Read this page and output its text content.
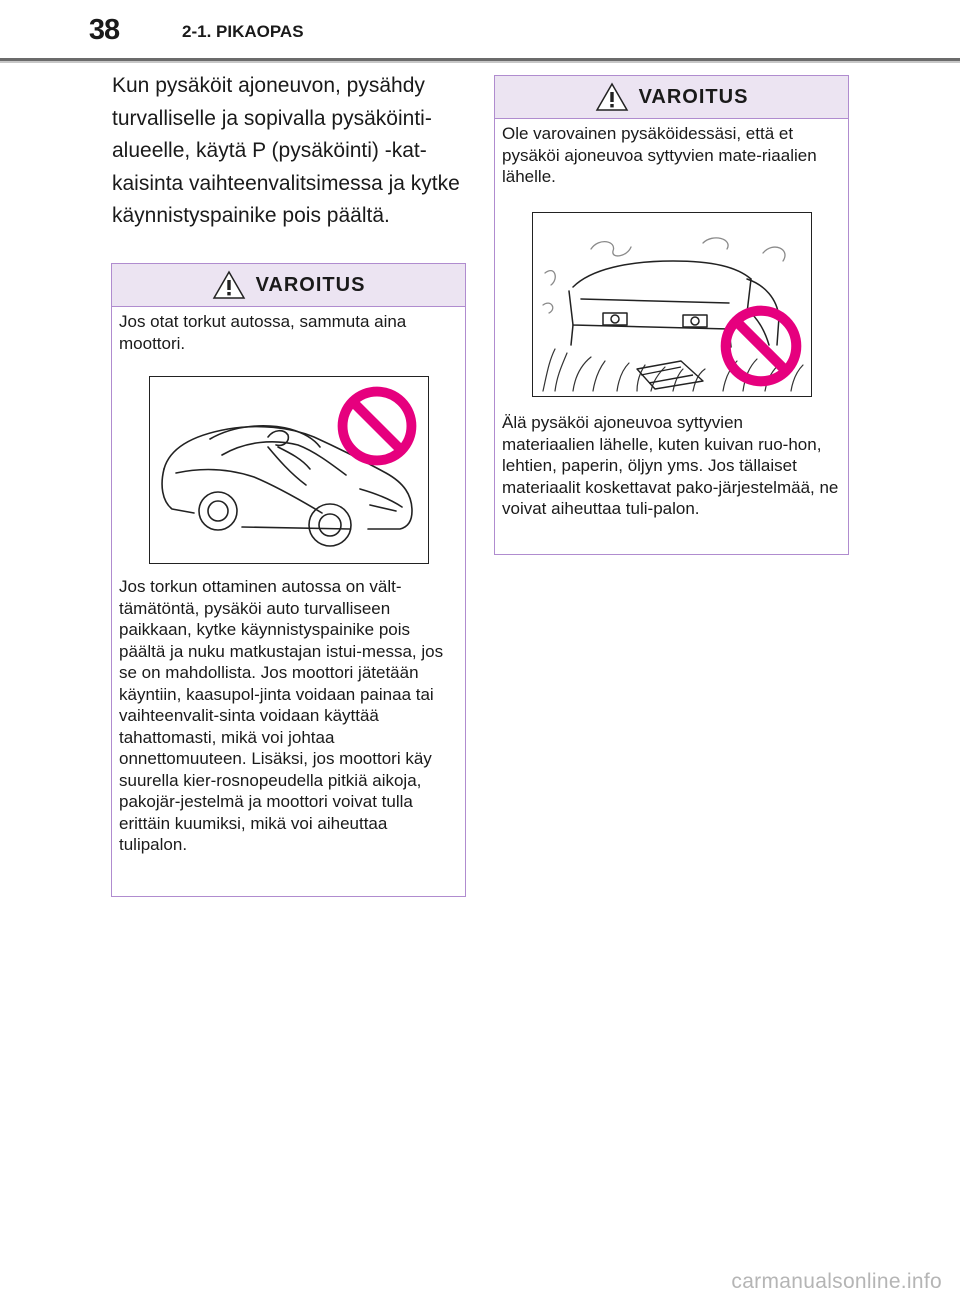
38	2-1. PIKAOPAS

Kun pysäköit ajoneuvon, pysähdy turvalliselle ja sopivalla pysäköinti-alueelle, käytä P (pysäköinti) -kat-kaisinta vaihteenvalitsimessa ja kytke käynnistyspainike pois päältä.

VAROITUS

Jos otat torkut autossa, sammuta aina moottori.

Jos torkun ottaminen autossa on vält-tämätöntä, pysäköi auto turvalliseen paikkaan, kytke käynnistyspainike pois päältä ja nuku matkustajan istui-messa, jos se on mahdollista. Jos moottori jätetään käyntiin, kaasupol-jinta voidaan painaa tai vaihteenvalit-sinta voidaan käyttää tahattomasti, mikä voi johtaa onnettomuuteen. Lisäksi, jos moottori käy suurella kier-rosnopeudella pitkiä aikoja, pakojär-jestelmä ja moottori voivat tulla erittäin kuumiksi, mikä voi aiheuttaa tulipalon.

VAROITUS

Ole varovainen pysäköidessäsi, että et pysäköi ajoneuvoa syttyvien mate-riaalien lähelle.

Älä pysäköi ajoneuvoa syttyvien materiaalien lähelle, kuten kuivan ruo-hon, lehtien, paperin, öljyn yms. Jos tällaiset materiaalit koskettavat pako-järjestelmää, ne voivat aiheuttaa tuli-palon.

carmanualsonline.info
